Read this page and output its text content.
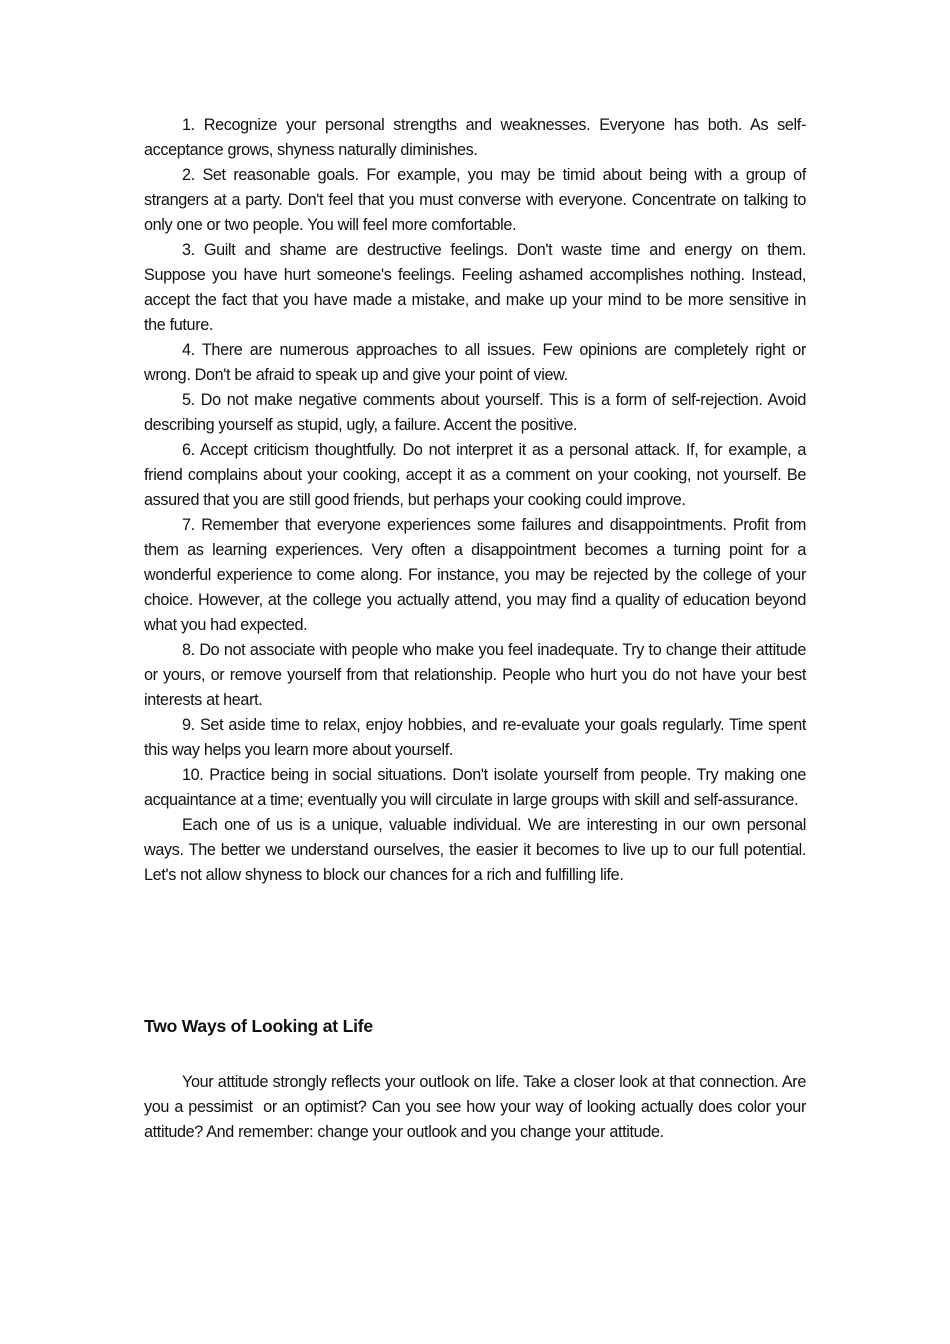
1. Recognize your personal strengths and weaknesses. Everyone has both. As self-acceptance grows, shyness naturally diminishes.

2. Set reasonable goals. For example, you may be timid about being with a group of strangers at a party. Don't feel that you must converse with everyone. Concentrate on talking to only one or two people. You will feel more comfortable.

3. Guilt and shame are destructive feelings. Don't waste time and energy on them. Suppose you have hurt someone's feelings. Feeling ashamed accomplishes nothing. Instead, accept the fact that you have made a mistake, and make up your mind to be more sensitive in the future.

4. There are numerous approaches to all issues. Few opinions are completely right or wrong. Don't be afraid to speak up and give your point of view.

5. Do not make negative comments about yourself. This is a form of self-rejection. Avoid describing yourself as stupid, ugly, a failure. Accent the positive.

6. Accept criticism thoughtfully. Do not interpret it as a personal attack. If, for example, a friend complains about your cooking, accept it as a comment on your cooking, not yourself. Be assured that you are still good friends, but perhaps your cooking could improve.

7. Remember that everyone experiences some failures and disappointments. Profit from them as learning experiences. Very often a disappointment becomes a turning point for a wonderful experience to come along. For instance, you may be rejected by the college of your choice. However, at the college you actually attend, you may find a quality of education beyond what you had expected.

8. Do not associate with people who make you feel inadequate. Try to change their attitude or yours, or remove yourself from that relationship. People who hurt you do not have your best interests at heart.

9. Set aside time to relax, enjoy hobbies, and re-evaluate your goals regularly. Time spent this way helps you learn more about yourself.

10. Practice being in social situations. Don't isolate yourself from people. Try making one acquaintance at a time; eventually you will circulate in large groups with skill and self-assurance.

Each one of us is a unique, valuable individual. We are interesting in our own personal ways. The better we understand ourselves, the easier it becomes to live up to our full potential. Let's not allow shyness to block our chances for a rich and fulfilling life.

Two Ways of Looking at Life

Your attitude strongly reflects your outlook on life. Take a closer look at that connection. Are you a pessimist  or an optimist? Can you see how your way of looking actually does color your attitude? And remember: change your outlook and you change your attitude.
